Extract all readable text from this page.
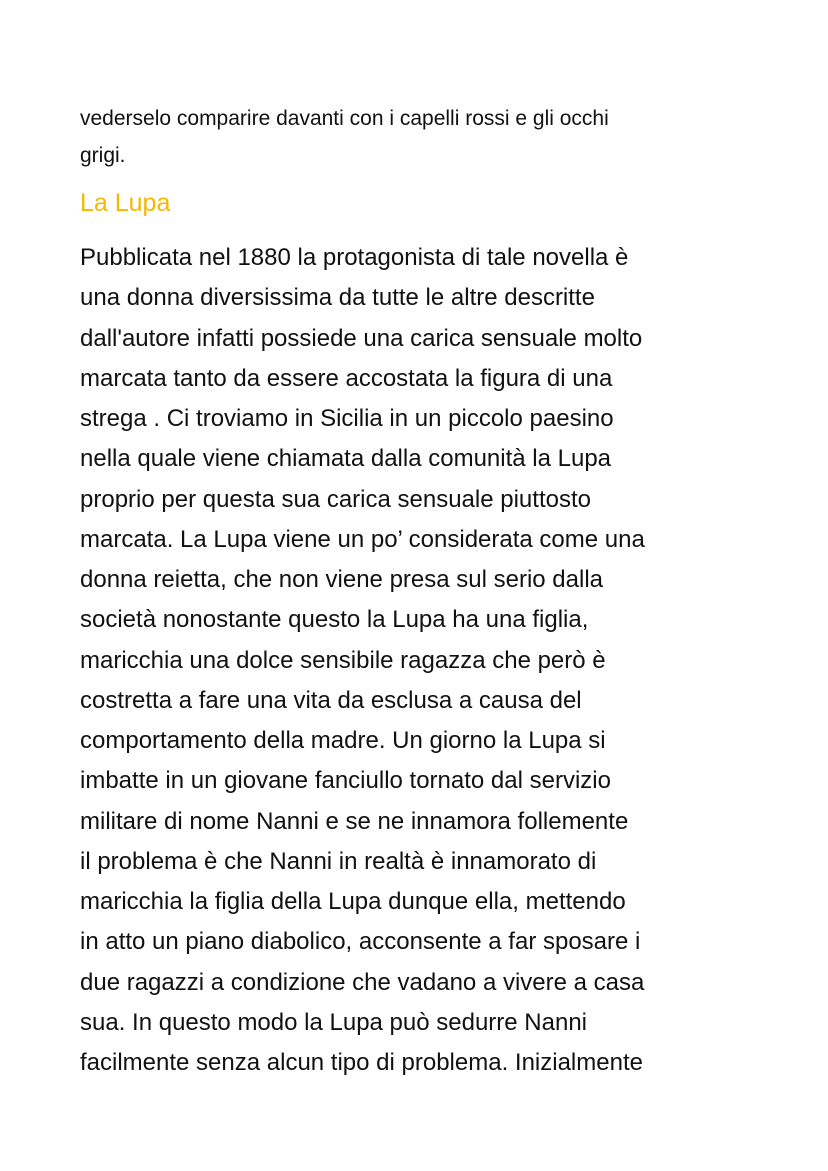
vederselo comparire davanti con i capelli rossi e gli occhi
grigi.
La Lupa
Pubblicata nel 1880 la protagonista di tale novella è
una donna diversissima da tutte le altre descritte
dall'autore infatti possiede una carica sensuale molto
marcata tanto da essere accostata la figura di una
strega . Ci troviamo in Sicilia in un piccolo paesino
nella quale viene chiamata dalla comunità la Lupa
proprio per questa sua carica sensuale piuttosto
marcata. La Lupa viene un po’ considerata come una
donna reietta, che non viene presa sul serio dalla
società nonostante questo la Lupa ha una figlia,
maricchia una dolce sensibile ragazza che però è
costretta a fare una vita da esclusa a causa del
comportamento della madre. Un giorno la Lupa si
imbatte in un giovane fanciullo tornato dal servizio
militare di nome Nanni e se ne innamora follemente
il problema è che Nanni in realtà è innamorato di
maricchia la figlia della Lupa dunque ella, mettendo
in atto un piano diabolico, acconsente a far sposare i
due ragazzi a condizione che vadano a vivere a casa
sua. In questo modo la Lupa può sedurre Nanni
facilmente senza alcun tipo di problema. Inizialmente
